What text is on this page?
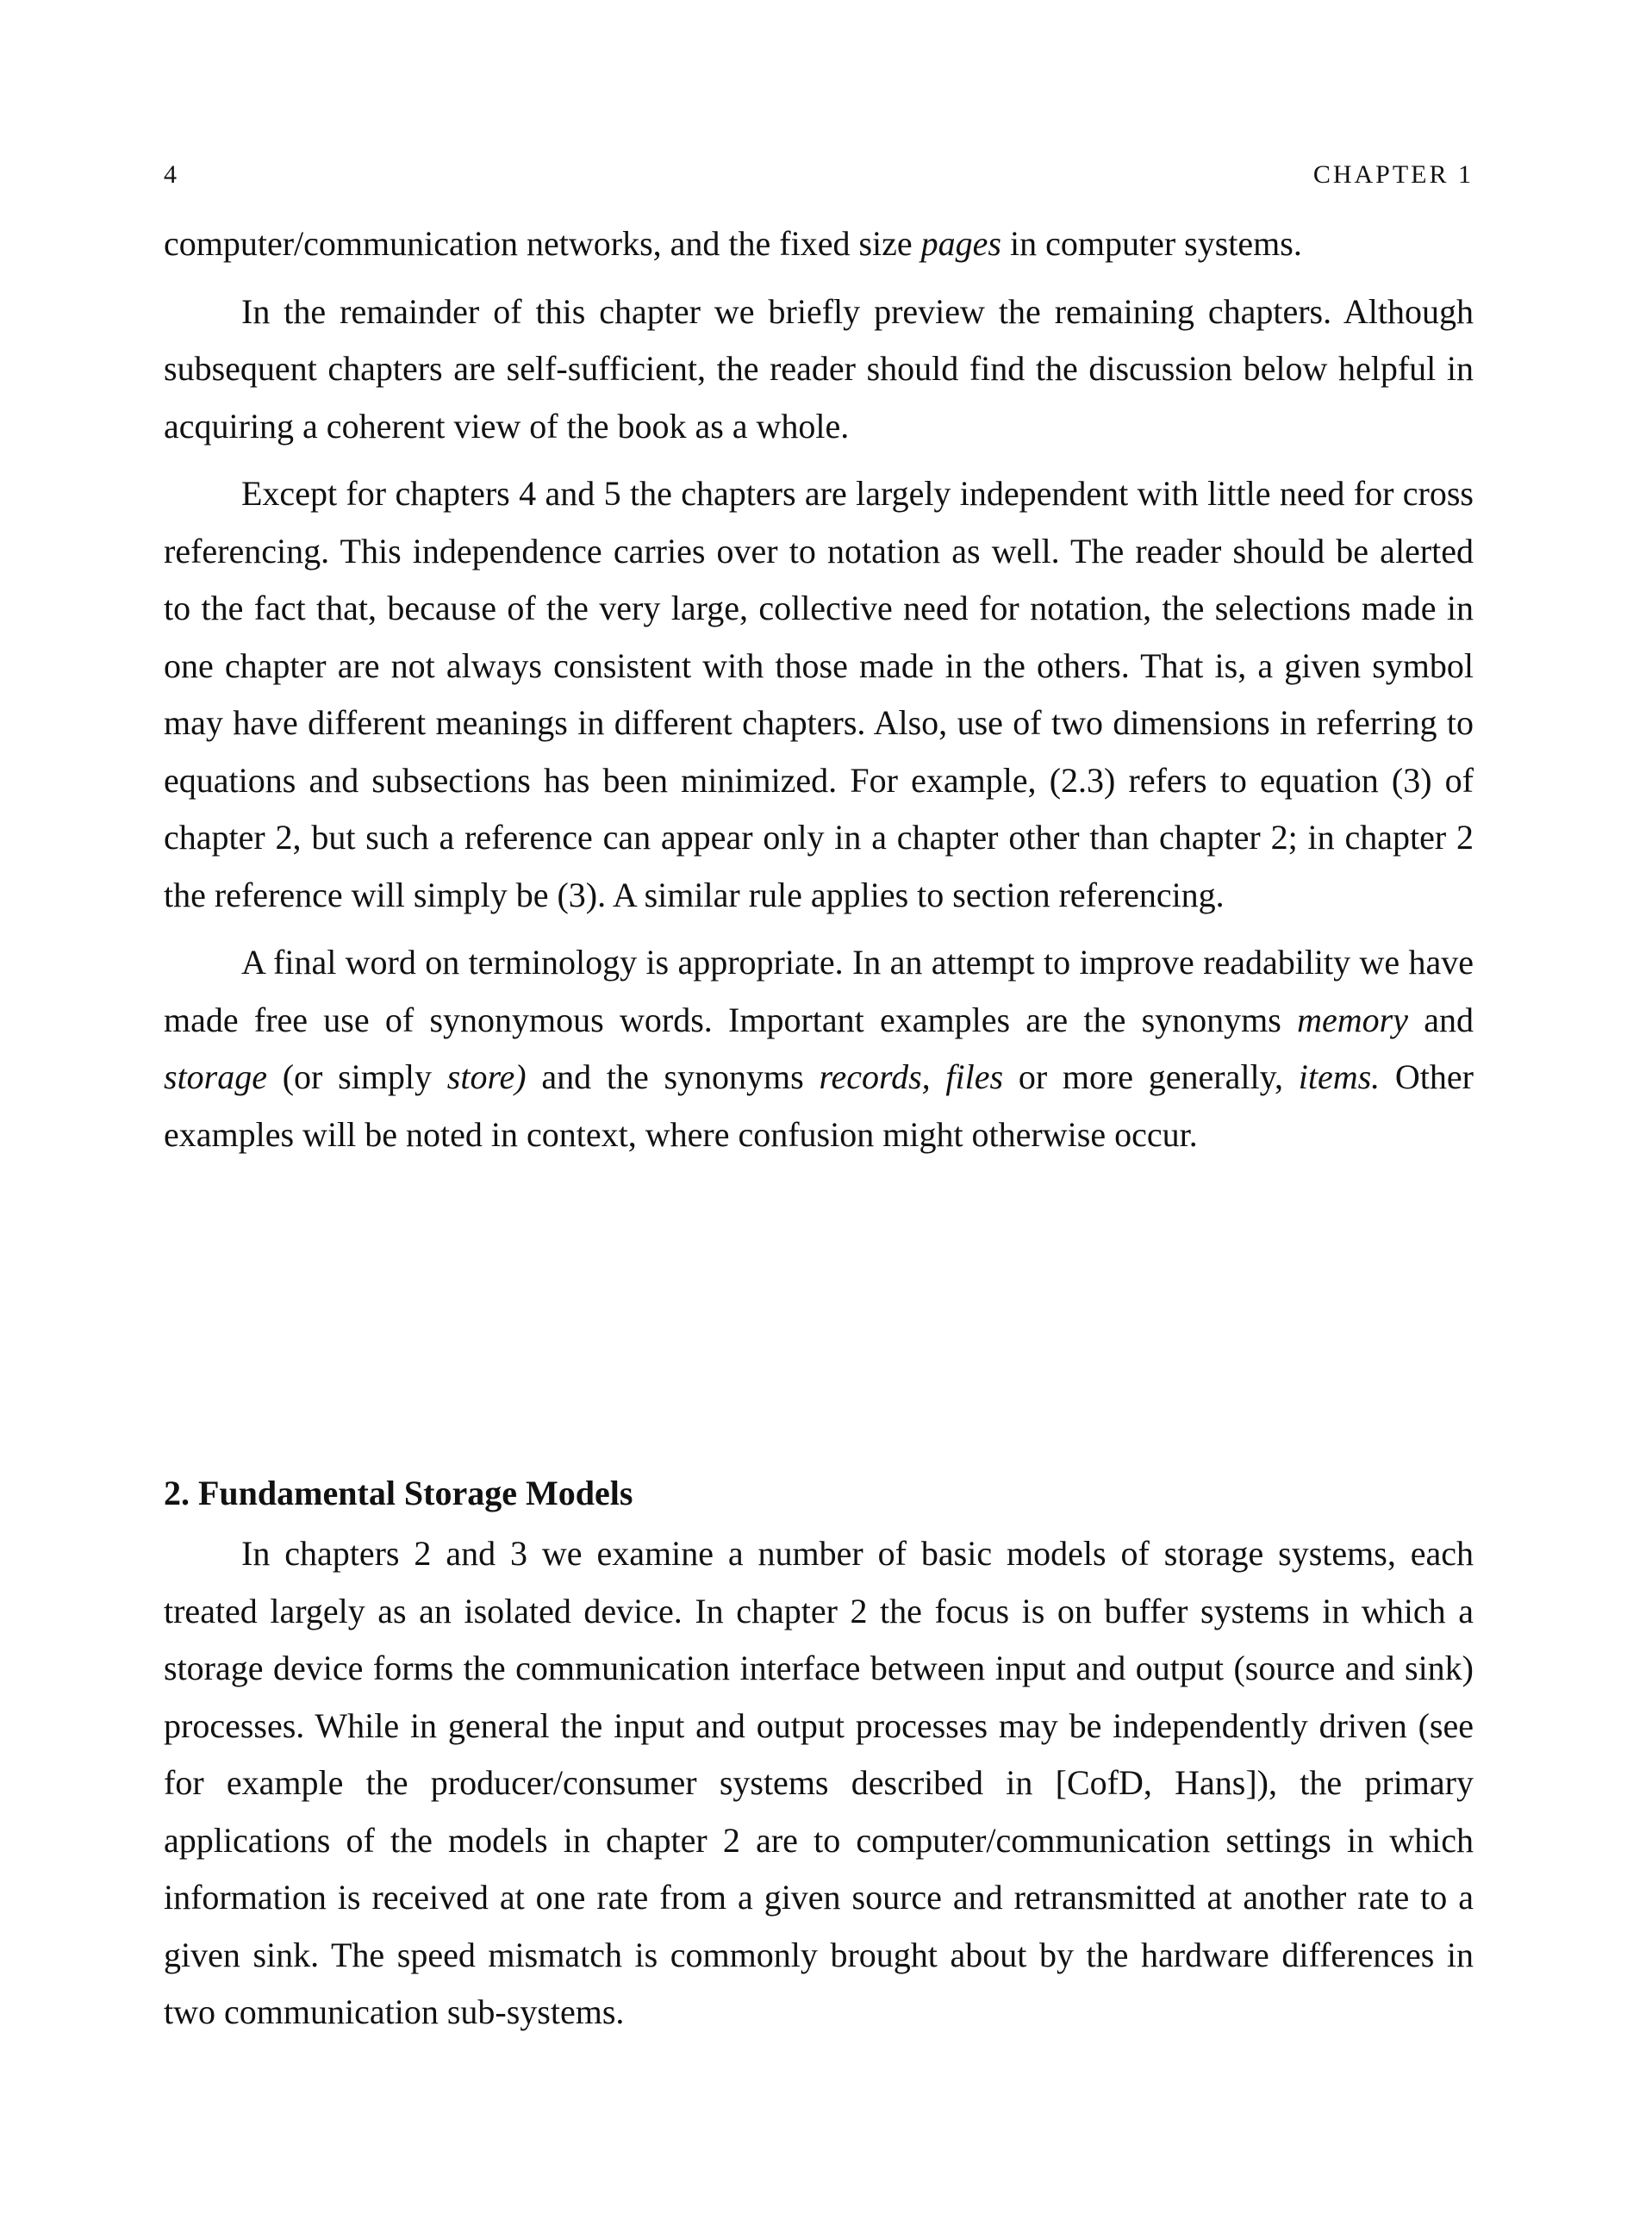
4	CHAPTER 1

computer/communication networks, and the fixed size pages in computer systems.

In the remainder of this chapter we briefly preview the remaining chapters. Although subsequent chapters are self-sufficient, the reader should find the discussion below helpful in acquiring a coherent view of the book as a whole.

Except for chapters 4 and 5 the chapters are largely independent with little need for cross referencing. This independence carries over to notation as well. The reader should be alerted to the fact that, because of the very large, collective need for notation, the selections made in one chapter are not always consistent with those made in the others. That is, a given symbol may have different meanings in different chapters. Also, use of two dimensions in referring to equations and subsections has been minimized. For example, (2.3) refers to equation (3) of chapter 2, but such a reference can appear only in a chapter other than chapter 2; in chapter 2 the reference will simply be (3). A similar rule applies to section referencing.

A final word on terminology is appropriate. In an attempt to improve readability we have made free use of synonymous words. Important examples are the synonyms memory and storage (or simply store) and the synonyms records, files or more generally, items. Other examples will be noted in context, where confusion might otherwise occur.

2. Fundamental Storage Models

In chapters 2 and 3 we examine a number of basic models of storage systems, each treated largely as an isolated device. In chapter 2 the focus is on buffer systems in which a storage device forms the communication interface between input and output (source and sink) processes. While in general the input and output processes may be independently driven (see for example the producer/consumer systems described in [CofD, Hans]), the primary applications of the models in chapter 2 are to computer/communication settings in which information is received at one rate from a given source and retransmitted at another rate to a given sink. The speed mismatch is commonly brought about by the hardware differences in two communication sub-systems.
